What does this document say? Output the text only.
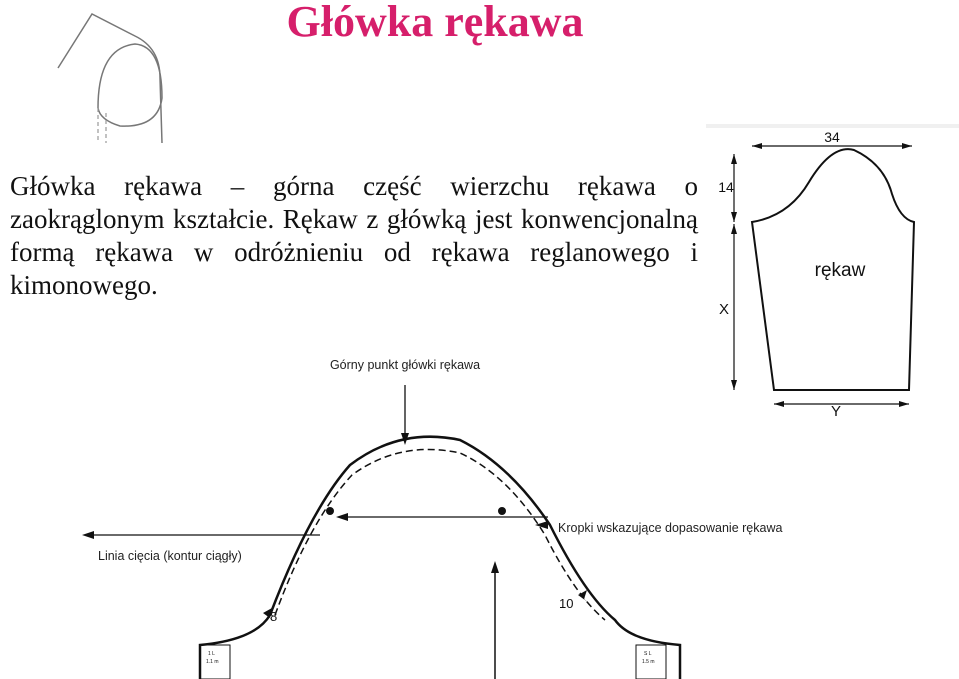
Główka rękawa

Główka rękawa – górna część wierzchu rękawa o zaokrąglonym kształcie. Rękaw z główką jest konwencjonalną formą rękawa w odróżnieniu od rękawa reglanowego i kimonowego.

34
14
X
Y
rękaw
Górny punkt główki rękawa
Linia cięcia (kontur ciągły)
Kropki wskazujące dopasowanie rękawa
8
10
1 L
1.1 m
S L
1.5 m
